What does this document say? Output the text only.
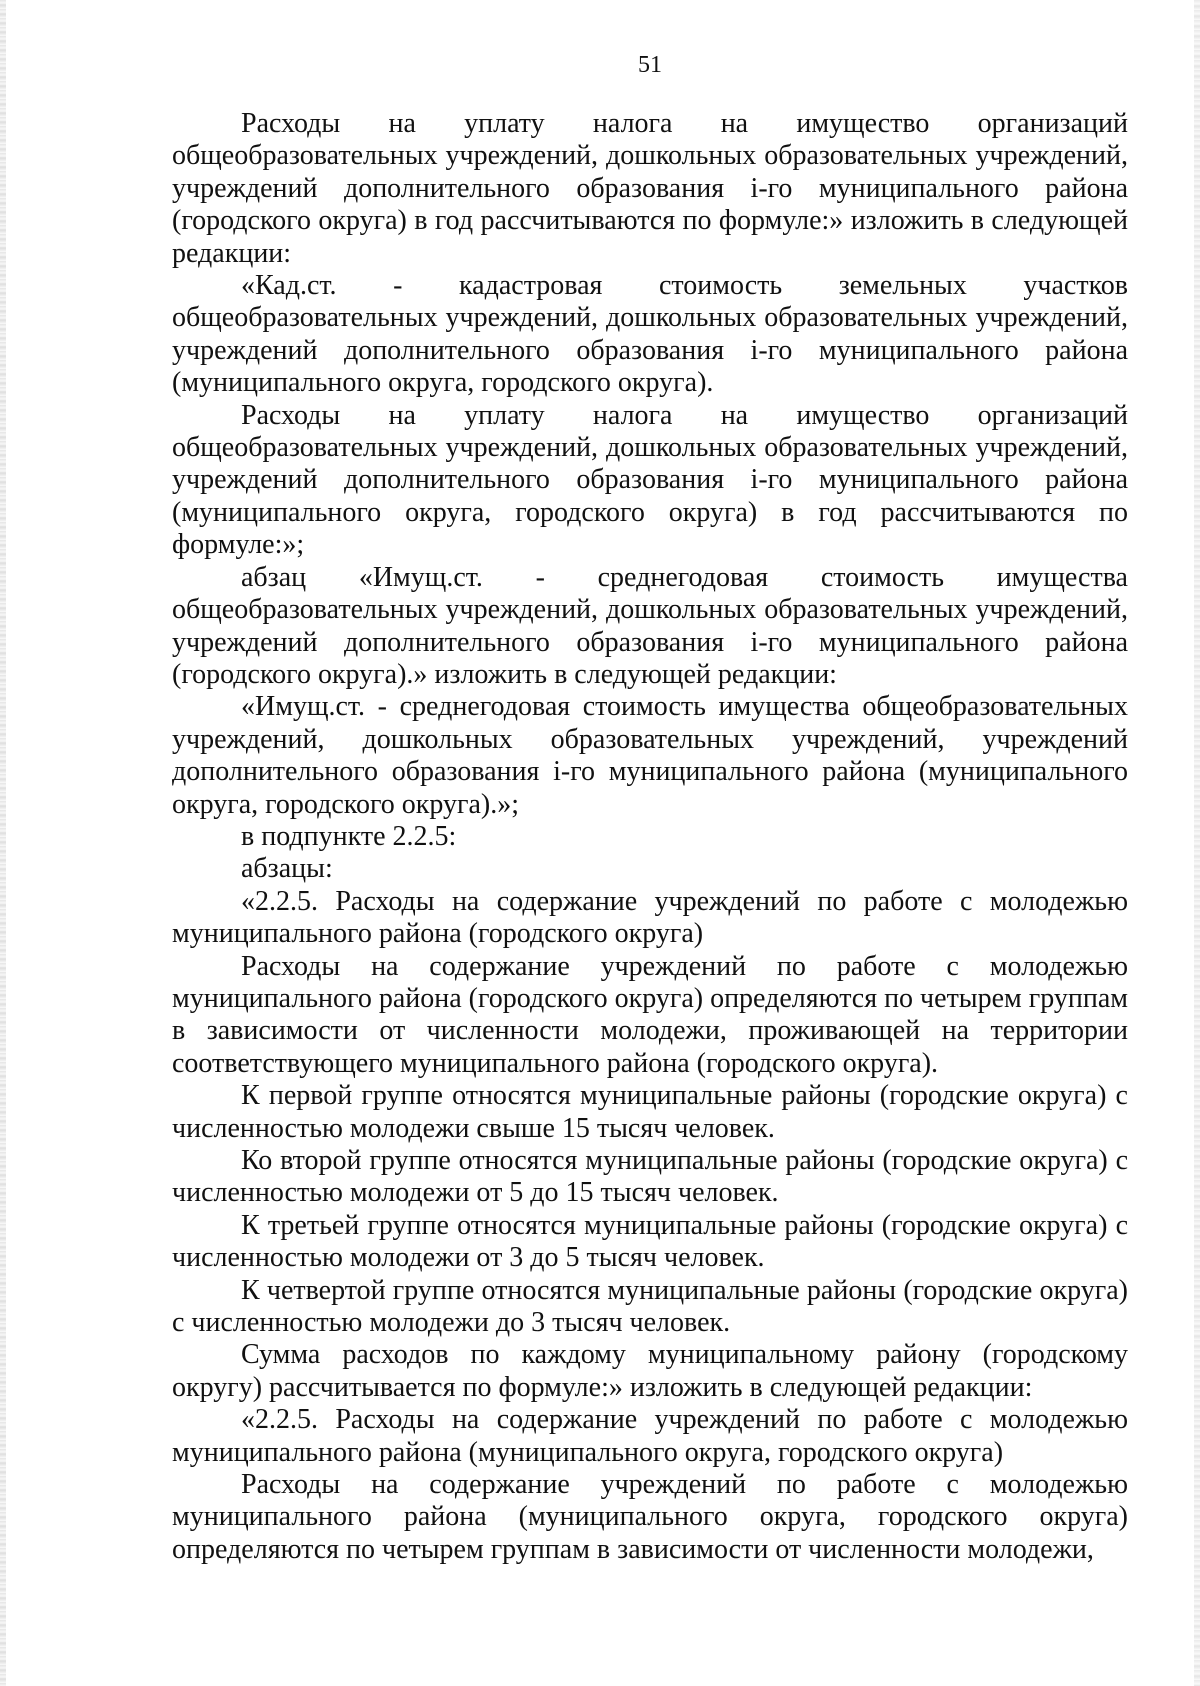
51

Расходы на уплату налога на имущество организаций общеобразовательных учреждений, дошкольных образовательных учреждений, учреждений дополнительного образования i-го муниципального района (городского округа) в год рассчитываются по формуле:» изложить в следующей редакции:

«Кад.ст. - кадастровая стоимость земельных участков общеобразовательных учреждений, дошкольных образовательных учреждений, учреждений дополнительного образования i-го муниципального района (муниципального округа, городского округа).

Расходы на уплату налога на имущество организаций общеобразовательных учреждений, дошкольных образовательных учреждений, учреждений дополнительного образования i-го муниципального района (муниципального округа, городского округа) в год рассчитываются по формуле:»;

абзац «Имущ.ст. - среднегодовая стоимость имущества общеобразовательных учреждений, дошкольных образовательных учреждений, учреждений дополнительного образования i-го муниципального района (городского округа).» изложить в следующей редакции:

«Имущ.ст. - среднегодовая стоимость имущества общеобразовательных учреждений, дошкольных образовательных учреждений, учреждений дополнительного образования i-го муниципального района (муниципального округа, городского округа).»;

в подпункте 2.2.5:

абзацы:

«2.2.5. Расходы на содержание учреждений по работе с молодежью муниципального района (городского округа)

Расходы на содержание учреждений по работе с молодежью муниципального района (городского округа) определяются по четырем группам в зависимости от численности молодежи, проживающей на территории соответствующего муниципального района (городского округа).

К первой группе относятся муниципальные районы (городские округа) с численностью молодежи свыше 15 тысяч человек.

Ко второй группе относятся муниципальные районы (городские округа) с численностью молодежи от 5 до 15 тысяч человек.

К третьей группе относятся муниципальные районы (городские округа) с численностью молодежи от 3 до 5 тысяч человек.

К четвертой группе относятся муниципальные районы (городские округа) с численностью молодежи до 3 тысяч человек.

Сумма расходов по каждому муниципальному району (городскому округу) рассчитывается по формуле:» изложить в следующей редакции:

«2.2.5. Расходы на содержание учреждений по работе с молодежью муниципального района (муниципального округа, городского округа)

Расходы на содержание учреждений по работе с молодежью муниципального района (муниципального округа, городского округа) определяются по четырем группам в зависимости от численности молодежи,
